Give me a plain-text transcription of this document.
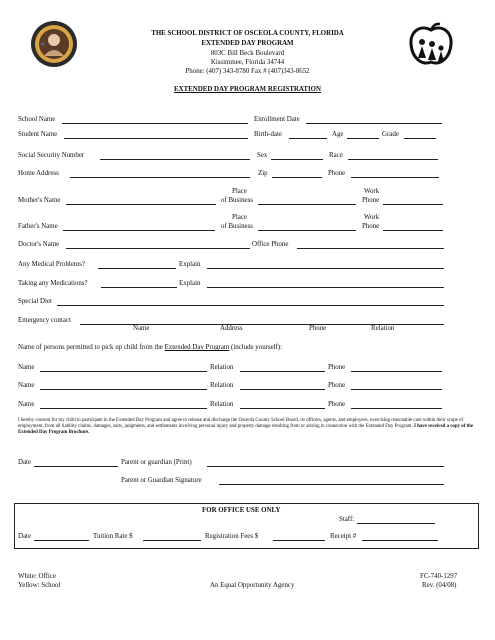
THE SCHOOL DISTRICT OF OSCEOLA COUNTY, FLORIDA
EXTENDED DAY PROGRAM
803C Bill Beck Boulevard
Kissimmee, Florida 34744
Phone: (407) 343-8780 Fax # (407)343-8652
EXTENDED DAY PROGRAM REGISTRATION
School Name	Enrollment Date
Student Name	Birth-date	Age	Grade
Social Security Number	Sex	Race
Home Address	Zip	Phone
Place	Work
Mother's Name	of Business	Phone
Place	Work
Father's Name	of Business	Phone
Doctor's Name	Office Phone
Any Medical Problems?	Explain
Taking any Medications?	Explain
Special Diet
Emergency contact
Name	Address	Phone	Relation
Name of persons permitted to pick up child from the Extended Day Program (include yourself):
Name	Relation	Phone
Name	Relation	Phone
Name	Relation	Phone
I hereby consent for my child to participate in the Extended Day Program and agree to release and discharge the Osceola County School Board, its officers, agents, and employees, exercising reasonable care within their scope of employment, from all liability claims, damages, suits, judgments, and settlements involving personal injury and property damage resulting from or arising in connection with the Extended Day Program. I have received a copy of the Extended Day Program Brochure.
Date	Parent or guardian (Print)
Parent or Guardian Signature
FOR OFFICE USE ONLY
Staff:
Date	Tuition Rate $	Registration Fees $	Receipt #
White: Office
Yellow: School	An Equal Opportunity Agency
FC-740-1297
Rev. (04/08)
